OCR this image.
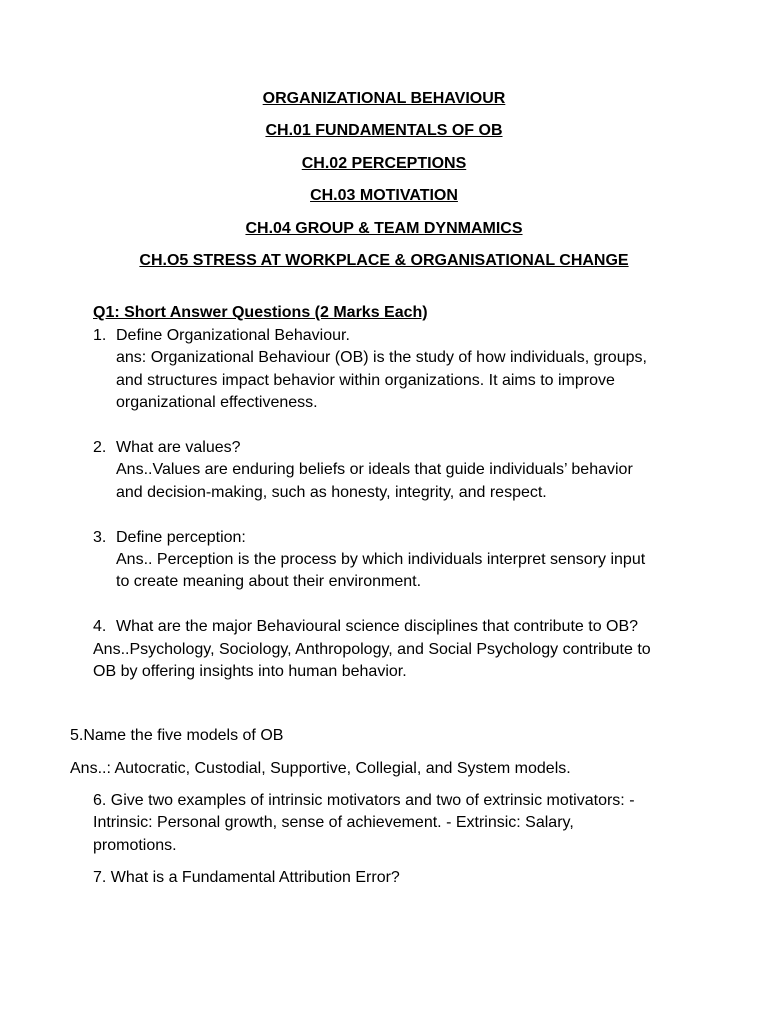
ORGANIZATIONAL BEHAVIOUR
CH.01 FUNDAMENTALS OF OB
CH.02 PERCEPTIONS
CH.03 MOTIVATION
CH.04 GROUP & TEAM DYNMAMICS
CH.O5 STRESS AT WORKPLACE & ORGANISATIONAL CHANGE
Q1: Short Answer Questions (2 Marks Each)
1. Define Organizational Behaviour.
ans: Organizational Behaviour (OB) is the study of how individuals, groups,
and structures impact behavior within organizations. It aims to improve
organizational effectiveness.
2. What are values?
Ans..Values are enduring beliefs or ideals that guide individuals’ behavior
and decision-making, such as honesty, integrity, and respect.
3. Define perception:
Ans.. Perception is the process by which individuals interpret sensory input
to create meaning about their environment.
4. What are the major Behavioural science disciplines that contribute to OB?
Ans..Psychology, Sociology, Anthropology, and Social Psychology contribute to
OB by offering insights into human behavior.
5.Name the five models of OB
Ans..: Autocratic, Custodial, Supportive, Collegial, and System models.
6. Give two examples of intrinsic motivators and two of extrinsic motivators: -
Intrinsic: Personal growth, sense of achievement. - Extrinsic: Salary,
promotions.
7. What is a Fundamental Attribution Error?
